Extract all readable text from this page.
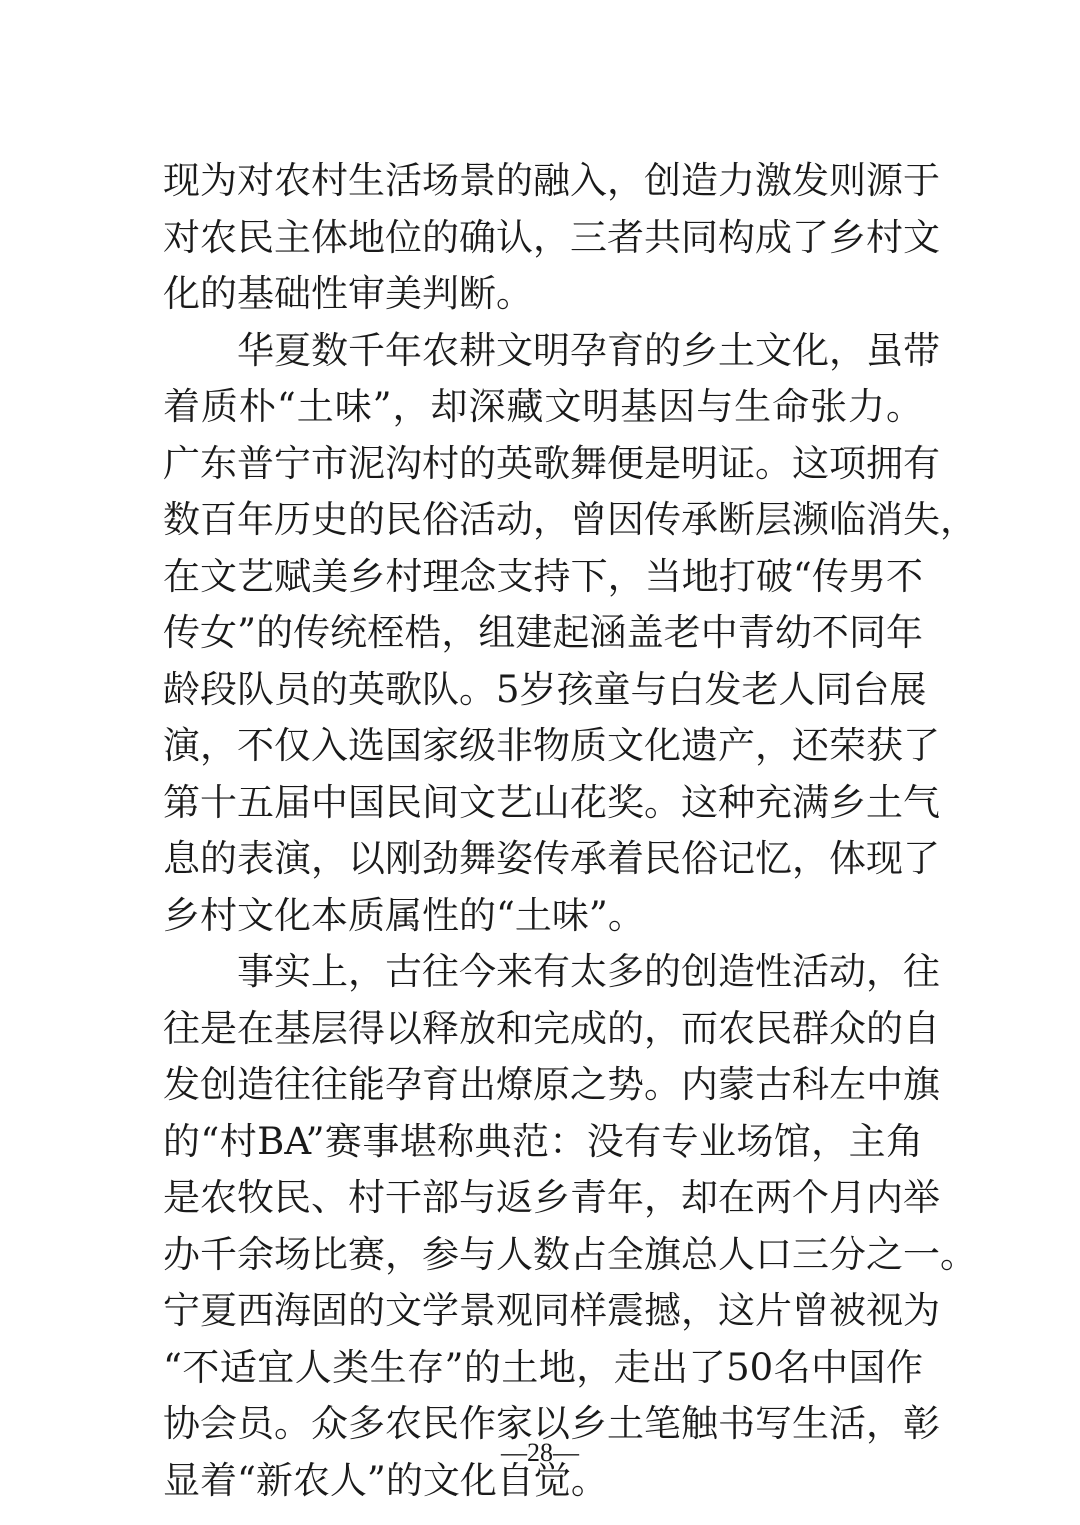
现为对农村生活场景的融入，创造力激发则源于
对农民主体地位的确认，三者共同构成了乡村文
化的基础性审美判断。
华夏数千年农耕文明孕育的乡土文化，虽带
着质朴“土味”，却深藏文明基因与生命张力。
广东普宁市泥沟村的英歌舞便是明证。这项拥有
数百年历史的民俗活动，曾因传承断层濒临消失，
在文艺赋美乡村理念支持下，当地打破“传男不
传女”的传统桎梏，组建起涵盖老中青幼不同年
龄段队员的英歌队。5岁孩童与白发老人同台展
演，不仅入选国家级非物质文化遗产，还荣获了
第十五届中国民间文艺山花奖。这种充满乡土气
息的表演，以刚劲舞姿传承着民俗记忆，体现了
乡村文化本质属性的“土味”。
事实上，古往今来有太多的创造性活动，往
往是在基层得以释放和完成的，而农民群众的自
发创造往往能孕育出燎原之势。内蒙古科左中旗
的“村BA”赛事堪称典范：没有专业场馆，主角
是农牧民、村干部与返乡青年，却在两个月内举
办千余场比赛，参与人数占全旗总人口三分之一。
宁夏西海固的文学景观同样震撼，这片曾被视为
“不适宜人类生存”的土地，走出了50名中国作
协会员。众多农民作家以乡土笔触书写生活，彰
显着“新农人”的文化自觉。
—28—
